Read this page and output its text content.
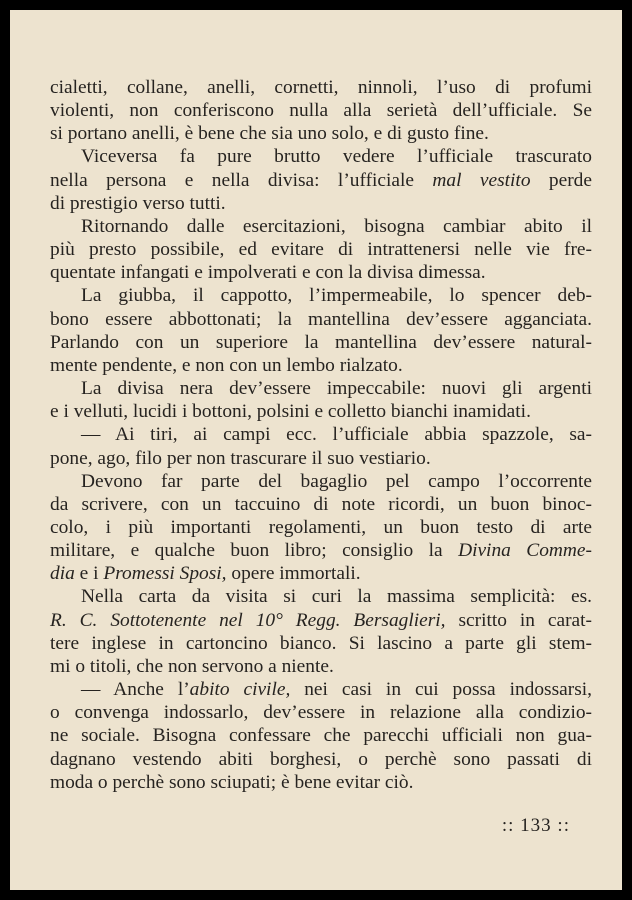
cialetti, collane, anelli, cornetti, ninnoli, l’uso di profumi

violenti, non conferiscono nulla alla serietà dell’ufficiale. Se

si portano anelli, è bene che sia uno solo, e di gusto fine.

Viceversa fa pure brutto vedere l’ufficiale trascurato

nella persona e nella divisa: l’ufficiale mal vestito perde

di prestigio verso tutti.

Ritornando dalle esercitazioni, bisogna cambiar abito il

più presto possibile, ed evitare di intrattenersi nelle vie fre-

quentate infangati e impolverati e con la divisa dimessa.

La giubba, il cappotto, l’impermeabile, lo spencer deb-

bono essere abbottonati; la mantellina dev’essere agganciata.

Parlando con un superiore la mantellina dev’essere natural-

mente pendente, e non con un lembo rialzato.

La divisa nera dev’essere impeccabile: nuovi gli argenti

e i velluti, lucidi i bottoni, polsini e colletto bianchi inamidati.

— Ai tiri, ai campi ecc. l’ufficiale abbia spazzole, sa-

pone, ago, filo per non trascurare il suo vestiario.

Devono far parte del bagaglio pel campo l’occorrente

da scrivere, con un taccuino di note ricordi, un buon binoc-

colo, i più importanti regolamenti, un buon testo di arte

militare, e qualche buon libro; consiglio la Divina Comme-

dia e i Promessi Sposi, opere immortali.

Nella carta da visita si curi la massima semplicità: es.

R. C. Sottotenente nel 10° Regg. Bersaglieri, scritto in carat-

tere inglese in cartoncino bianco. Si lascino a parte gli stem-

mi o titoli, che non servono a niente.

— Anche l’abito civile, nei casi in cui possa indossarsi,

o convenga indossarlo, dev’essere in relazione alla condizio-

ne sociale. Bisogna confessare che parecchi ufficiali non gua-

dagnano vestendo abiti borghesi, o perchè sono passati di

moda o perchè sono sciupati; è bene evitar ciò.

:: 133 ::
